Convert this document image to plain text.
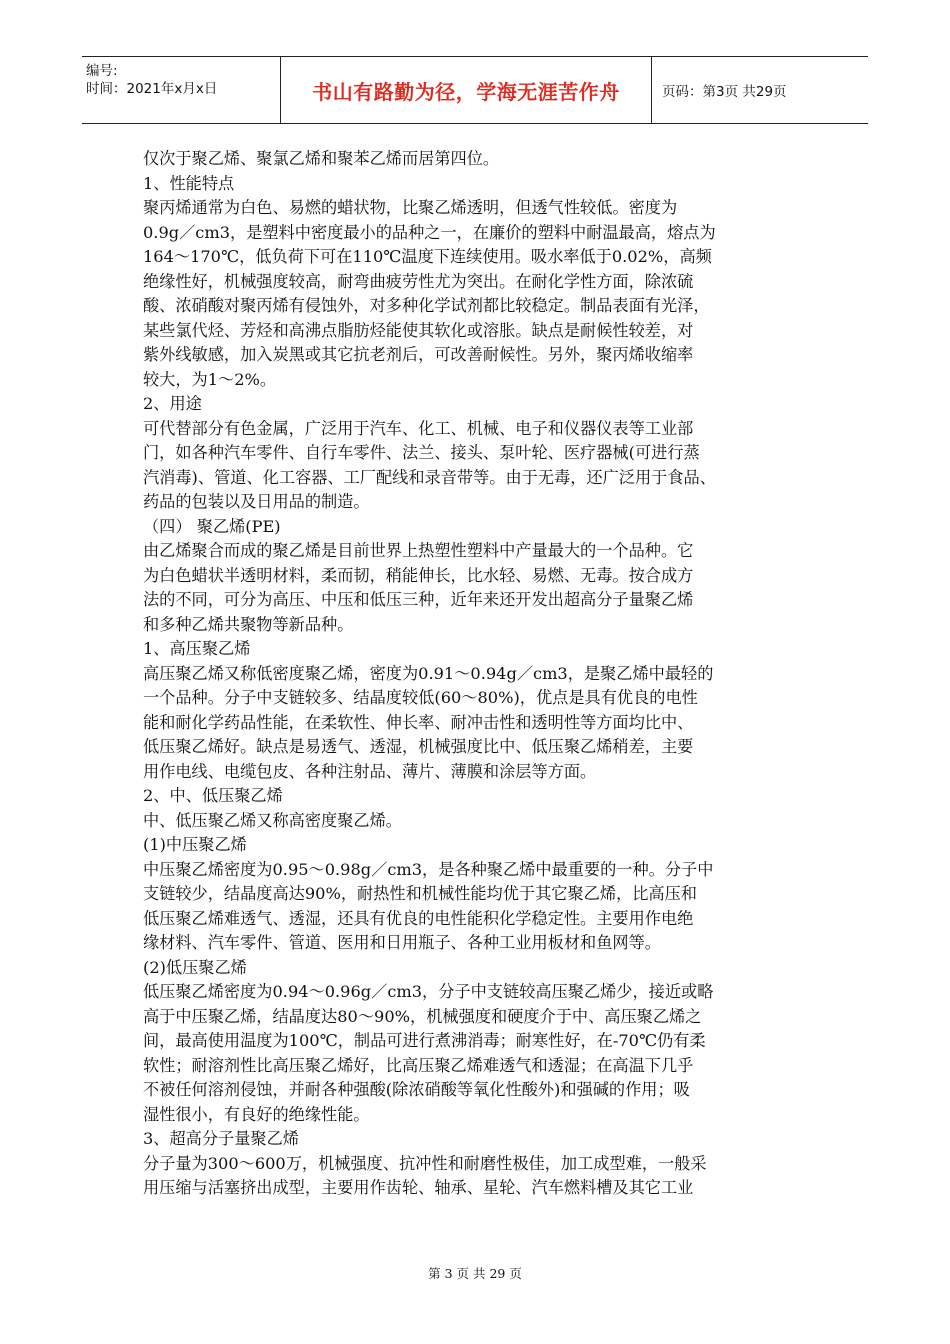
编号:
时间：2021年x月x日	书山有路勤为径，学海无涯苦作舟	页码：第3页 共29页
仅次于聚乙烯、聚氯乙烯和聚苯乙烯而居第四位。
1、性能特点
聚丙烯通常为白色、易燃的蜡状物，比聚乙烯透明，但透气性较低。密度为
0.9g／cm3，是塑料中密度最小的品种之一，在廉价的塑料中耐温最高，熔点为
164～170℃，低负荷下可在110℃温度下连续使用。吸水率低于0.02%，高频
绝缘性好，机械强度较高，耐弯曲疲劳性尤为突出。在耐化学性方面，除浓硫
酸、浓硝酸对聚丙烯有侵蚀外，对多种化学试剂都比较稳定。制品表面有光泽，
某些氯代烃、芳烃和高沸点脂肪烃能使其软化或溶胀。缺点是耐候性较差，对
紫外线敏感，加入炭黑或其它抗老剂后，可改善耐候性。另外，聚丙烯收缩率
较大，为1～2%。
2、用途
可代替部分有色金属，广泛用于汽车、化工、机械、电子和仪器仪表等工业部
门，如各种汽车零件、自行车零件、法兰、接头、泵叶轮、医疗器械(可进行蒸
汽消毒)、管道、化工容器、工厂配线和录音带等。由于无毒，还广泛用于食品、
药品的包装以及日用品的制造。
（四） 聚乙烯(PE)
由乙烯聚合而成的聚乙烯是目前世界上热塑性塑料中产量最大的一个品种。它
为白色蜡状半透明材料，柔而韧，稍能伸长，比水轻、易燃、无毒。按合成方
法的不同，可分为高压、中压和低压三种，近年来还开发出超高分子量聚乙烯
和多种乙烯共聚物等新品种。
1、高压聚乙烯
高压聚乙烯又称低密度聚乙烯，密度为0.91～0.94g／cm3，是聚乙烯中最轻的
一个品种。分子中支链较多、结晶度较低(60～80%)，优点是具有优良的电性
能和耐化学药品性能，在柔软性、伸长率、耐冲击性和透明性等方面均比中、
低压聚乙烯好。缺点是易透气、透湿，机械强度比中、低压聚乙烯稍差，主要
用作电线、电缆包皮、各种注射品、薄片、薄膜和涂层等方面。
2、中、低压聚乙烯
中、低压聚乙烯又称高密度聚乙烯。
(1)中压聚乙烯
中压聚乙烯密度为0.95～0.98g／cm3，是各种聚乙烯中最重要的一种。分子中
支链较少，结晶度高达90%，耐热性和机械性能均优于其它聚乙烯，比高压和
低压聚乙烯难透气、透湿，还具有优良的电性能积化学稳定性。主要用作电绝
缘材料、汽车零件、管道、医用和日用瓶子、各种工业用板材和鱼网等。
(2)低压聚乙烯
低压聚乙烯密度为0.94～0.96g／cm3，分子中支链较高压聚乙烯少，接近或略
高于中压聚乙烯，结晶度达80～90%，机械强度和硬度介于中、高压聚乙烯之
间，最高使用温度为100℃，制品可进行煮沸消毒；耐寒性好，在-70℃仍有柔
软性；耐溶剂性比高压聚乙烯好，比高压聚乙烯难透气和透湿；在高温下几乎
不被任何溶剂侵蚀，并耐各种强酸(除浓硝酸等氧化性酸外)和强碱的作用；吸
湿性很小，有良好的绝缘性能。
3、超高分子量聚乙烯
分子量为300～600万，机械强度、抗冲性和耐磨性极佳，加工成型难，一般采
用压缩与活塞挤出成型，主要用作齿轮、轴承、星轮、汽车燃料槽及其它工业
第 3 页 共 29 页
